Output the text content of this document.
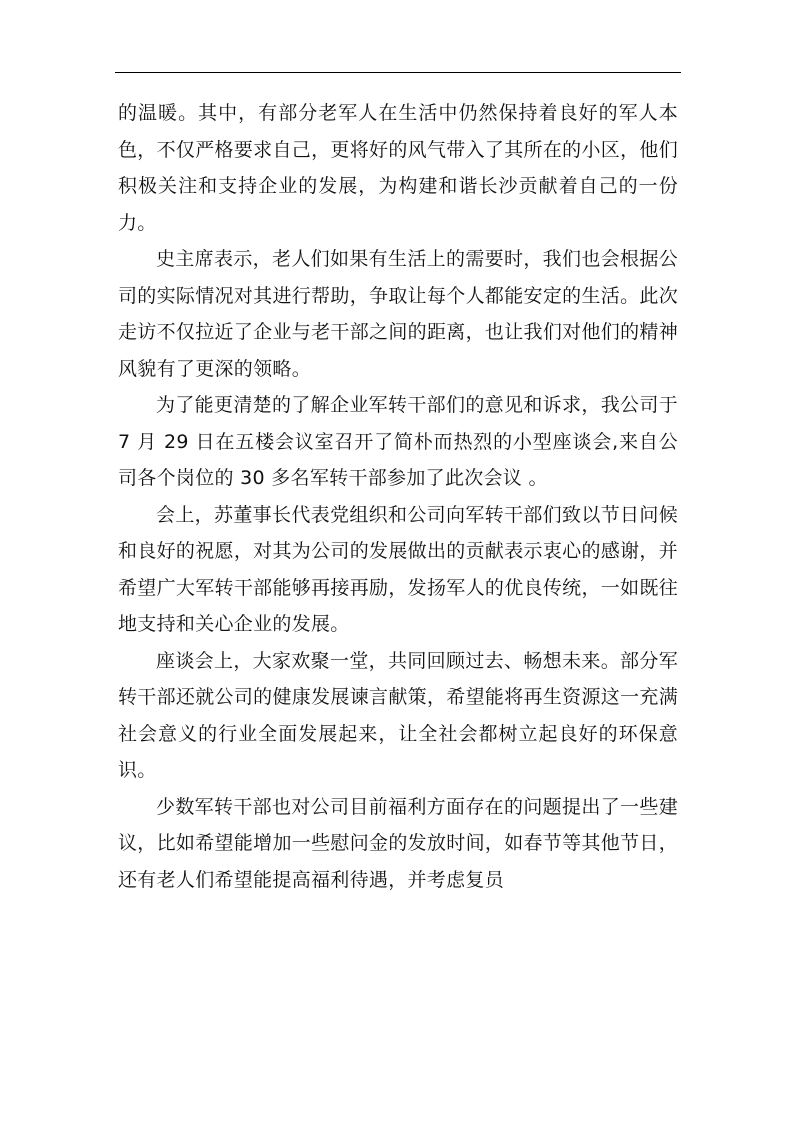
的温暖。其中，有部分老军人在生活中仍然保持着良好的军人本色，不仅严格要求自己，更将好的风气带入了其所在的小区，他们积极关注和支持企业的发展，为构建和谐长沙贡献着自己的一份力。

史主席表示，老人们如果有生活上的需要时，我们也会根据公司的实际情况对其进行帮助，争取让每个人都能安定的生活。此次走访不仅拉近了企业与老干部之间的距离，也让我们对他们的精神风貌有了更深的领略。

为了能更清楚的了解企业军转干部们的意见和诉求，我公司于 7 月 29 日在五楼会议室召开了简朴而热烈的小型座谈会,来自公司各个岗位的 30 多名军转干部参加了此次会议 。

会上，苏董事长代表党组织和公司向军转干部们致以节日问候和良好的祝愿，对其为公司的发展做出的贡献表示衷心的感谢，并希望广大军转干部能够再接再励，发扬军人的优良传统，一如既往地支持和关心企业的发展。

座谈会上，大家欢聚一堂，共同回顾过去、畅想未来。部分军转干部还就公司的健康发展谏言献策，希望能将再生资源这一充满社会意义的行业全面发展起来，让全社会都树立起良好的环保意识。

少数军转干部也对公司目前福利方面存在的问题提出了一些建议，比如希望能增加一些慰问金的发放时间，如春节等其他节日，还有老人们希望能提高福利待遇，并考虑复员
